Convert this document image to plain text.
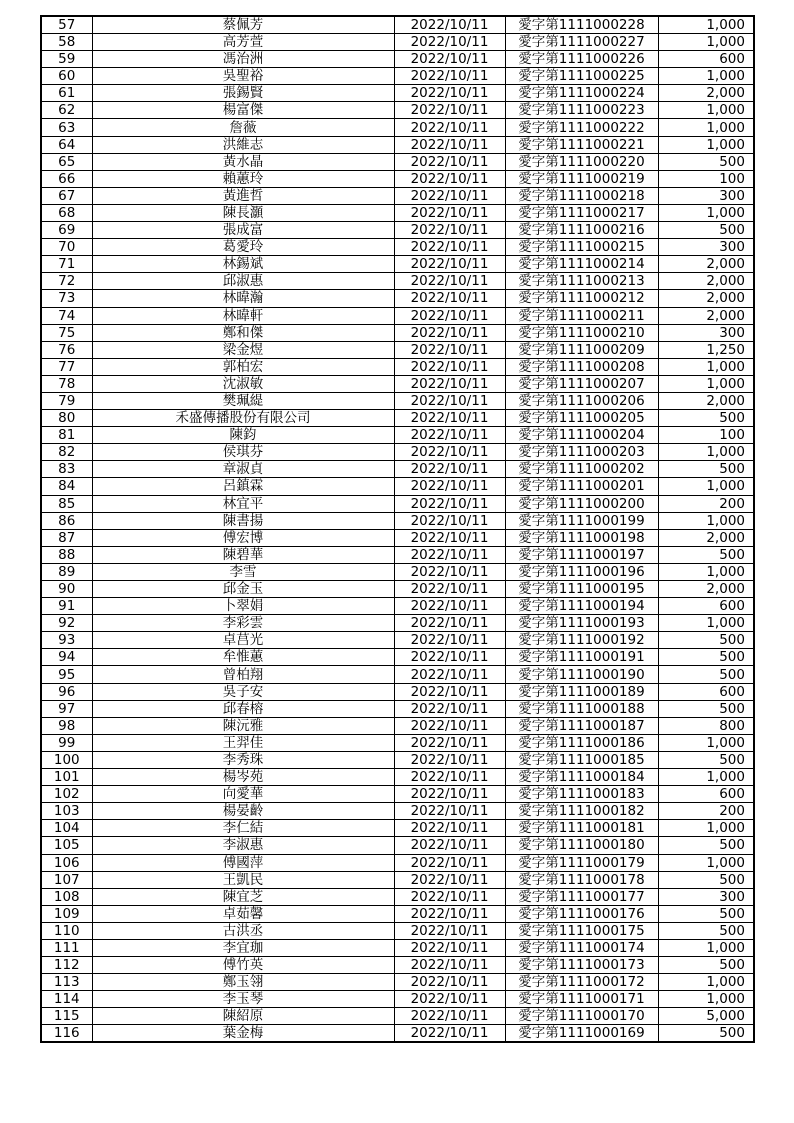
57	蔡佩芳	2022/10/11	愛字第1111000228	1,000
58	高芳萱	2022/10/11	愛字第1111000227	1,000
59	馮治洲	2022/10/11	愛字第1111000226	600
60	吳聖裕	2022/10/11	愛字第1111000225	1,000
61	張錫賢	2022/10/11	愛字第1111000224	2,000
62	楊富傑	2022/10/11	愛字第1111000223	1,000
63	詹薇	2022/10/11	愛字第1111000222	1,000
64	洪維志	2022/10/11	愛字第1111000221	1,000
65	黃水晶	2022/10/11	愛字第1111000220	500
66	賴蕙玲	2022/10/11	愛字第1111000219	100
67	黃進哲	2022/10/11	愛字第1111000218	300
68	陳長灝	2022/10/11	愛字第1111000217	1,000
69	張成富	2022/10/11	愛字第1111000216	500
70	葛愛玲	2022/10/11	愛字第1111000215	300
71	林錫斌	2022/10/11	愛字第1111000214	2,000
72	邱淑惠	2022/10/11	愛字第1111000213	2,000
73	林暐瀚	2022/10/11	愛字第1111000212	2,000
74	林暐軒	2022/10/11	愛字第1111000211	2,000
75	鄭和傑	2022/10/11	愛字第1111000210	300
76	梁金煜	2022/10/11	愛字第1111000209	1,250
77	郭柏宏	2022/10/11	愛字第1111000208	1,000
78	沈淑敏	2022/10/11	愛字第1111000207	1,000
79	樊珮緹	2022/10/11	愛字第1111000206	2,000
80	禾盛傳播股份有限公司	2022/10/11	愛字第1111000205	500
81	陳鈞	2022/10/11	愛字第1111000204	100
82	侯琪芬	2022/10/11	愛字第1111000203	1,000
83	章淑貞	2022/10/11	愛字第1111000202	500
84	呂鎮霖	2022/10/11	愛字第1111000201	1,000
85	林宜平	2022/10/11	愛字第1111000200	200
86	陳書揚	2022/10/11	愛字第1111000199	1,000
87	傅宏博	2022/10/11	愛字第1111000198	2,000
88	陳碧華	2022/10/11	愛字第1111000197	500
89	李雪	2022/10/11	愛字第1111000196	1,000
90	邱金玉	2022/10/11	愛字第1111000195	2,000
91	卜翠娟	2022/10/11	愛字第1111000194	600
92	李彩雲	2022/10/11	愛字第1111000193	1,000
93	卓莒光	2022/10/11	愛字第1111000192	500
94	牟惟蕙	2022/10/11	愛字第1111000191	500
95	曾柏翔	2022/10/11	愛字第1111000190	500
96	吳子安	2022/10/11	愛字第1111000189	600
97	邱春榕	2022/10/11	愛字第1111000188	500
98	陳沅雅	2022/10/11	愛字第1111000187	800
99	王羿佳	2022/10/11	愛字第1111000186	1,000
100	李秀珠	2022/10/11	愛字第1111000185	500
101	楊岑苑	2022/10/11	愛字第1111000184	1,000
102	向愛華	2022/10/11	愛字第1111000183	600
103	楊晏齡	2022/10/11	愛字第1111000182	200
104	李仁結	2022/10/11	愛字第1111000181	1,000
105	李淑惠	2022/10/11	愛字第1111000180	500
106	傅國萍	2022/10/11	愛字第1111000179	1,000
107	王凱民	2022/10/11	愛字第1111000178	500
108	陳宜芝	2022/10/11	愛字第1111000177	300
109	卓茹馨	2022/10/11	愛字第1111000176	500
110	古洪丞	2022/10/11	愛字第1111000175	500
111	李宜珈	2022/10/11	愛字第1111000174	1,000
112	傅竹英	2022/10/11	愛字第1111000173	500
113	鄭玉翎	2022/10/11	愛字第1111000172	1,000
114	李玉琴	2022/10/11	愛字第1111000171	1,000
115	陳紹原	2022/10/11	愛字第1111000170	5,000
116	葉金梅	2022/10/11	愛字第1111000169	500
